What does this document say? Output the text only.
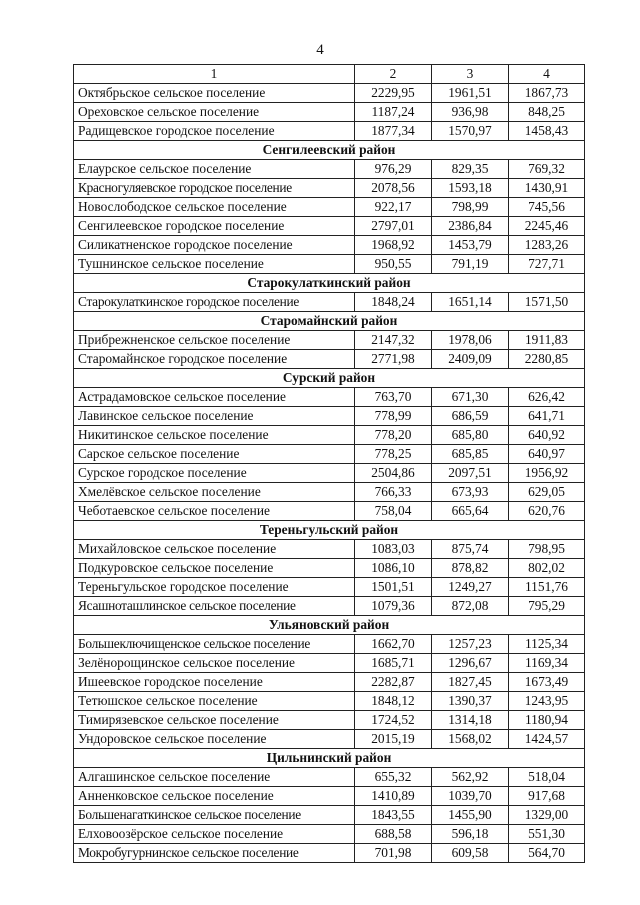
4
1	2	3	4
Октябрьское сельское поселение	2229,95	1961,51	1867,73
Ореховское сельское поселение	1187,24	936,98	848,25
Радищевское городское поселение	1877,34	1570,97	1458,43
Сенгилеевский район			
Елаурское сельское поселение	976,29	829,35	769,32
Красногуляевское городское поселение	2078,56	1593,18	1430,91
Новослободское сельское поселение	922,17	798,99	745,56
Сенгилеевское городское поселение	2797,01	2386,84	2245,46
Силикатненское городское поселение	1968,92	1453,79	1283,26
Тушнинское сельское поселение	950,55	791,19	727,71
Старокулаткинский район			
Старокулаткинское городское поселение	1848,24	1651,14	1571,50
Старомайнский район			
Прибрежненское сельское поселение	2147,32	1978,06	1911,83
Старомайнское городское поселение	2771,98	2409,09	2280,85
Сурский район			
Астрадамовское сельское поселение	763,70	671,30	626,42
Лавинское сельское поселение	778,99	686,59	641,71
Никитинское сельское поселение	778,20	685,80	640,92
Сарское сельское поселение	778,25	685,85	640,97
Сурское городское поселение	2504,86	2097,51	1956,92
Хмелёвское сельское поселение	766,33	673,93	629,05
Чеботаевское сельское поселение	758,04	665,64	620,76
Тереньгульский район			
Михайловское сельское поселение	1083,03	875,74	798,95
Подкуровское сельское поселение	1086,10	878,82	802,02
Тереньгульское городское поселение	1501,51	1249,27	1151,76
Ясашноташлинское сельское поселение	1079,36	872,08	795,29
Ульяновский район			
Большеключищенское сельское поселение	1662,70	1257,23	1125,34
Зелёнорощинское сельское поселение	1685,71	1296,67	1169,34
Ишеевское городское поселение	2282,87	1827,45	1673,49
Тетюшское сельское поселение	1848,12	1390,37	1243,95
Тимирязевское сельское поселение	1724,52	1314,18	1180,94
Ундоровское сельское поселение	2015,19	1568,02	1424,57
Цильнинский район			
Алгашинское сельское поселение	655,32	562,92	518,04
Анненковское сельское поселение	1410,89	1039,70	917,68
Большенагаткинское сельское поселение	1843,55	1455,90	1329,00
Елховоозёрское сельское поселение	688,58	596,18	551,30
Мокробугурнинское сельское поселение	701,98	609,58	564,70
